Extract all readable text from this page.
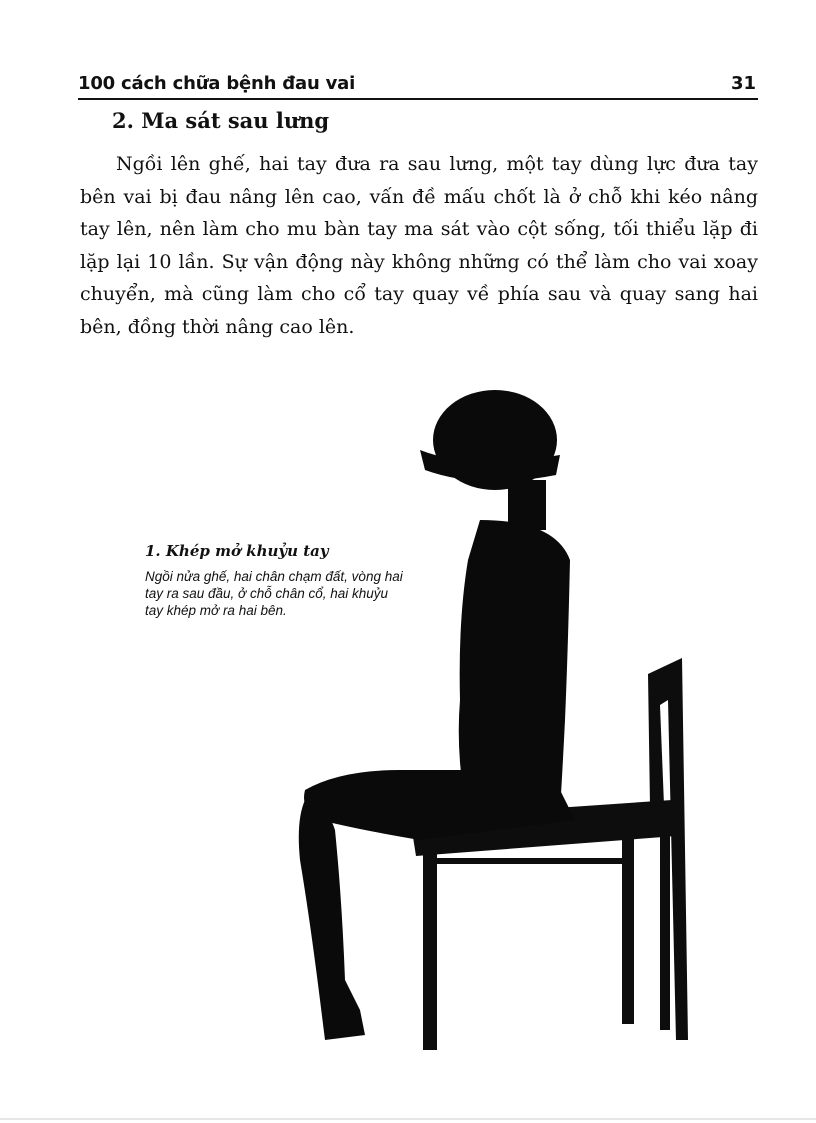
100 cách chữa bệnh đau vai	31
2. Ma sát sau lưng

Ngồi lên ghế, hai tay đưa ra sau lưng, một tay dùng lực đưa tay bên vai bị đau nâng lên cao, vấn đề mấu chốt là ở chỗ khi kéo nâng tay lên, nên làm cho mu bàn tay ma sát vào cột sống, tối thiểu lặp đi lặp lại 10 lần. Sự vận động này không những có thể làm cho vai xoay chuyển, mà cũng làm cho cổ tay quay về phía sau và quay sang hai bên, đồng thời nâng cao lên.

1. Khép mở khuỷu tay

Ngồi nửa ghế, hai chân chạm đất, vòng hai tay ra sau đầu, ở chỗ chân cổ, hai khuỷu tay khép mở ra hai bên.
